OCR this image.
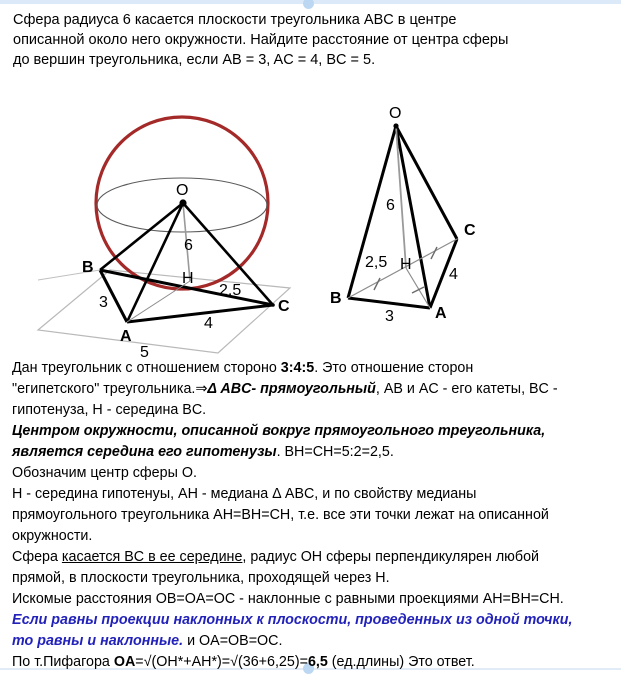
Сфера радиуса 6 касается плоскости треугольника ABC в центре
описанной около него окружности. Найдите расстояние от центра сферы
до вершин треугольника, если AB = 3, AC = 4, BC = 5.
O
B
A
C
H
6
2,5
3
4
5
O
B
A
C
H
6
2,5
3
4

Дан треугольник с отношением стороно 3:4:5. Это отношение сторон

"египетского" треугольника.⇒Δ ABC- прямоугольный, AB и AC - его катеты, BC -

гипотенуза, H - середина BC.

Центром окружности, описанной вокруг прямоугольного треугольника,

является середина его гипотенузы. BH=CH=5:2=2,5.

Обозначим центр сферы О.

H - середина гипотенуы, AH - медиана Δ ABC, и по свойству медианы

прямоугольного треугольника AH=BH=CH, т.е. все эти точки лежат на описанной

окружности.

Сфера касается BC в ее середине, радиус OH сферы перпендикулярен любой

прямой, в плоскости треугольника, проходящей через H.

Искомые расстояния OB=OA=OC - наклонные с равными проекциями AH=BH=CH.

Если равны проекции наклонных к плоскости, проведенных из одной точки,

то равны и наклонные. и OA=OB=OC.

По т.Пифагора OA=√(OH*+AH*)=√(36+6,25)=6,5 (ед.длины) Это ответ.
